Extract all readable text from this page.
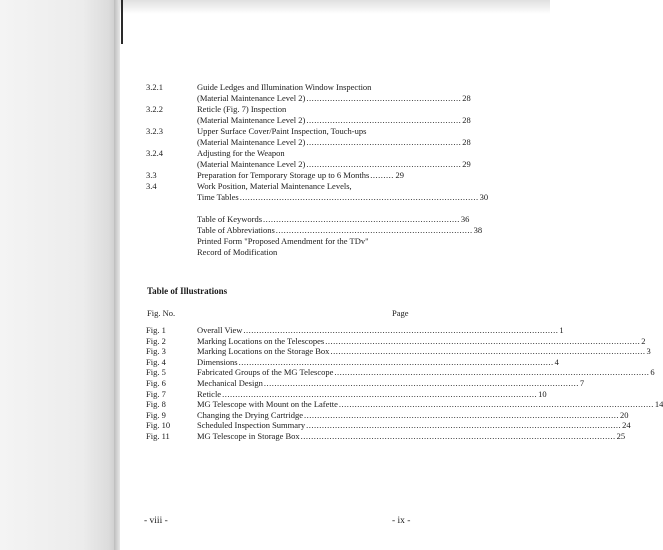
3.2.1	Guide Ledges and Illumination Window Inspection
(Material Maintenance Level 2) ........................................................... 28
3.2.2	Reticle (Fig. 7) Inspection
(Material Maintenance Level 2) ........................................................... 28
3.2.3	Upper Surface Cover/Paint Inspection, Touch-ups
(Material Maintenance Level 2) ........................................................... 28
3.2.4	Adjusting for the Weapon
(Material Maintenance Level 2) ........................................................... 29
3.3	Preparation for Temporary Storage up to 6 Months ......... 29
3.4	Work Position, Material Maintenance Levels,
Time Tables ........................................................................................... 30
Table of Keywords ........................................................................... 36
Table of Abbreviations ........................................................................... 38
Printed Form "Proposed Amendment for the TDv"
Record of Modification
Table of Illustrations
Fig. No.	Page
Fig. 1	Overall View ........................................................................................................................ 1
Fig. 2	Marking Locations on the Telescopes ........................................................................................................................ 2
Fig. 3	Marking Locations on the Storage Box ........................................................................................................................ 3
Fig. 4	Dimensions ........................................................................................................................ 4
Fig. 5	Fabricated Groups of the MG Telescope ........................................................................................................................ 6
Fig. 6	Mechanical Design ........................................................................................................................ 7
Fig. 7	Reticle ........................................................................................................................ 10
Fig. 8	MG Telescope with Mount on the Lafette ........................................................................................................................ 14
Fig. 9	Changing the Drying Cartridge ........................................................................................................................ 20
Fig. 10	Scheduled Inspection Summary ........................................................................................................................ 24
Fig. 11	MG Telescope in Storage Box ........................................................................................................................ 25
- viii -	- ix -
